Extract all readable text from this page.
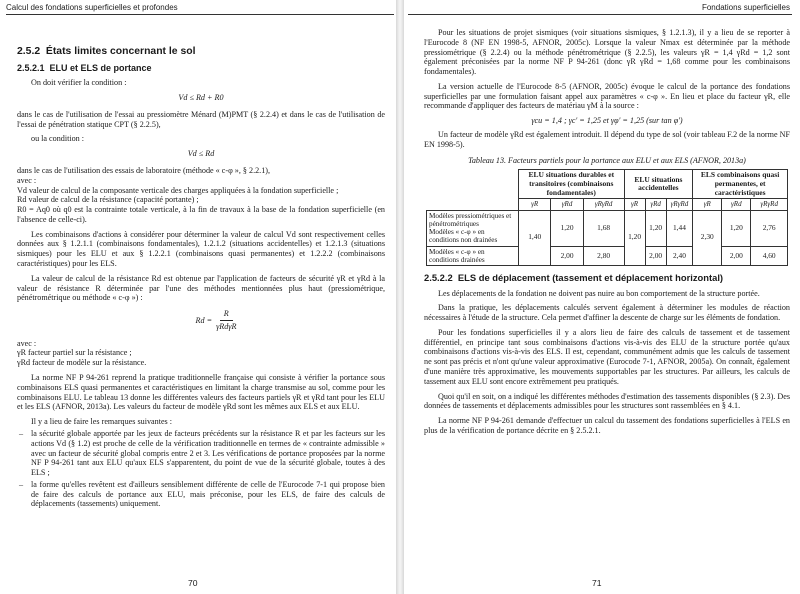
Calcul des fondations superficielles et profondes
2.5.2 États limites concernant le sol
2.5.2.1 ELU et ELS de portance

On doit vérifier la condition :

Vd ≤ Rd + R0

dans le cas de l'utilisation de l'essai au pressiomètre Ménard (M)PMT (§ 2.2.4) et dans le cas de l'utilisation de l'essai de pénétration statique CPT (§ 2.2.5),

ou la condition :

Vd ≤ Rd

dans le cas de l'utilisation des essais de laboratoire (méthode « c-φ », § 2.2.1),

avec :

Vd valeur de calcul de la composante verticale des charges appliquées à la fondation superficielle ;

Rd valeur de calcul de la résistance (capacité portante) ;

R0 = Aq0 où q0 est la contrainte totale verticale, à la fin de travaux à la base de la fondation superficielle (en l'absence de celle-ci).

Les combinaisons d'actions à considérer pour déterminer la valeur de calcul Vd sont respectivement celles données aux § 1.2.1.1 (combinaisons fondamentales), 1.2.1.2 (situations accidentelles) et 1.2.1.3 (situations sismiques) pour les ELU et aux § 1.2.2.1 (combinaisons quasi permanentes) et 1.2.2.2 (combinaisons caractéristiques) pour les ELS.

La valeur de calcul de la résistance Rd est obtenue par l'application de facteurs de sécurité γR et γRd à la valeur de résistance R déterminée par l'une des méthodes mentionnées plus haut (pressiométrique, pénétrométrique ou méthode « c-φ ») :

$Rd = \frac{R}{\text{γRdγR}}$

avec :

γR facteur partiel sur la résistance ;

γRd facteur de modèle sur la résistance.

La norme NF P 94-261 reprend la pratique traditionnelle française qui consiste à vérifier la portance sous combinaisons ELS quasi permanentes et caractéristiques en limitant la charge transmise au sol, comme pour les combinaisons ELU. Le tableau 13 donne les différentes valeurs des facteurs partiels γR et γRd tant pour les ELU et les ELS (AFNOR, 2013a). Les valeurs du facteur de modèle γRd sont les mêmes aux ELS et aux ELU.

Il y a lieu de faire les remarques suivantes :

– la sécurité globale apportée par les jeux de facteurs précédents sur la résistance R et par les facteurs sur les actions Vd (§ 1.2) est proche de celle de la vérification traditionnelle en termes de « contrainte admissible » avec un facteur de sécurité global compris entre 2 et 3. Les vérifications de portance proposées par la norme NF P 94-261 tant aux ELU qu'aux ELS s'apparentent, du point de vue de la sécurité globale, toutes à des ELS ;
– la forme qu'elles revêtent est d'ailleurs sensiblement différente de celle de l'Eurocode 7-1 qui propose bien de faire des calculs de portance aux ELU, mais préconise, pour les ELS, de faire des calculs de déplacements (tassements) uniquement.
70
Fondations superficielles

Pour les situations de projet sismiques (voir situations sismiques, § 1.2.1.3), il y a lieu de se reporter à l'Eurocode 8 (NF EN 1998-5, AFNOR, 2005c). Lorsque la valeur Nmax est déterminée par la méthode pressiométrique (§ 2.2.4) ou la méthode pénétrométrique (§ 2.2.5), les valeurs γR = 1,4 γRd = 1,2 sont également préconisées par la norme NF P 94-261 (donc γR γRd = 1,68 comme pour les combinaisons fondamentales).

La version actuelle de l'Eurocode 8-5 (AFNOR, 2005c) évoque le calcul de la portance des fondations superficielles par une formulation faisant appel aux paramètres « c-φ ». En lieu et place du facteur γR, elle recommande d'appliquer des facteurs de matériau γM à la source :

γcu = 1,4 ; γc' = 1,25 et γφ' = 1,25 (sur tan φ')

Un facteur de modèle γRd est également introduit. Il dépend du type de sol (voir tableau F.2 de la norme NF EN 1998-5).

Tableau 13. Facteurs partiels pour la portance aux ELU et aux ELS (AFNOR, 2013a)
	ELU situations durables et transitoires (combinaisons fondamentales)			ELU situations accidentelles			ELS combinaisons quasi permanentes, et caractéristiques		
	γR	γRd	γRγRd	γR	γRd	γRγRd	γR	γRd	γRγRd
Modèles pressiométriques et pénétrométriques
Modèles « c-φ » en conditions non drainées	1,40	1,20	1,68	1,20	1,20	1,44	2,30	1,20	2,76
Modèles « c-φ » en conditions drainées		2,00	2,80		2,00	2,40		2,00	4,60
2.5.2.2 ELS de déplacement (tassement et déplacement horizontal)

Les déplacements de la fondation ne doivent pas nuire au bon comportement de la structure portée.

Dans la pratique, les déplacements calculés servent également à déterminer les modules de réaction nécessaires à l'étude de la structure. Cela permet d'affiner la descente de charge sur les éléments de fondation.

Pour les fondations superficielles il y a alors lieu de faire des calculs de tassement et de tassement différentiel, en principe tant sous combinaisons d'actions vis-à-vis des ELU de la structure portée qu'aux combinaisons d'actions vis-à-vis des ELS. Il est, cependant, communément admis que les calculs de tassement ne sont pas précis et n'ont qu'une valeur approximative (Eurocode 7-1, AFNOR, 2005a). On connaît, également d'une manière très approximative, les mouvements supportables par les structures. Par ailleurs, les calculs de tassement aux ELU sont encore extrêmement peu pratiqués.

Quoi qu'il en soit, on a indiqué les différentes méthodes d'estimation des tassements disponibles (§ 2.3). Des données de tassements et déplacements admissibles pour les structures sont rassemblées en § 4.1.

La norme NF P 94-261 demande d'effectuer un calcul du tassement des fondations superficielles à l'ELS en plus de la vérification de portance décrite en § 2.5.2.1.

71
